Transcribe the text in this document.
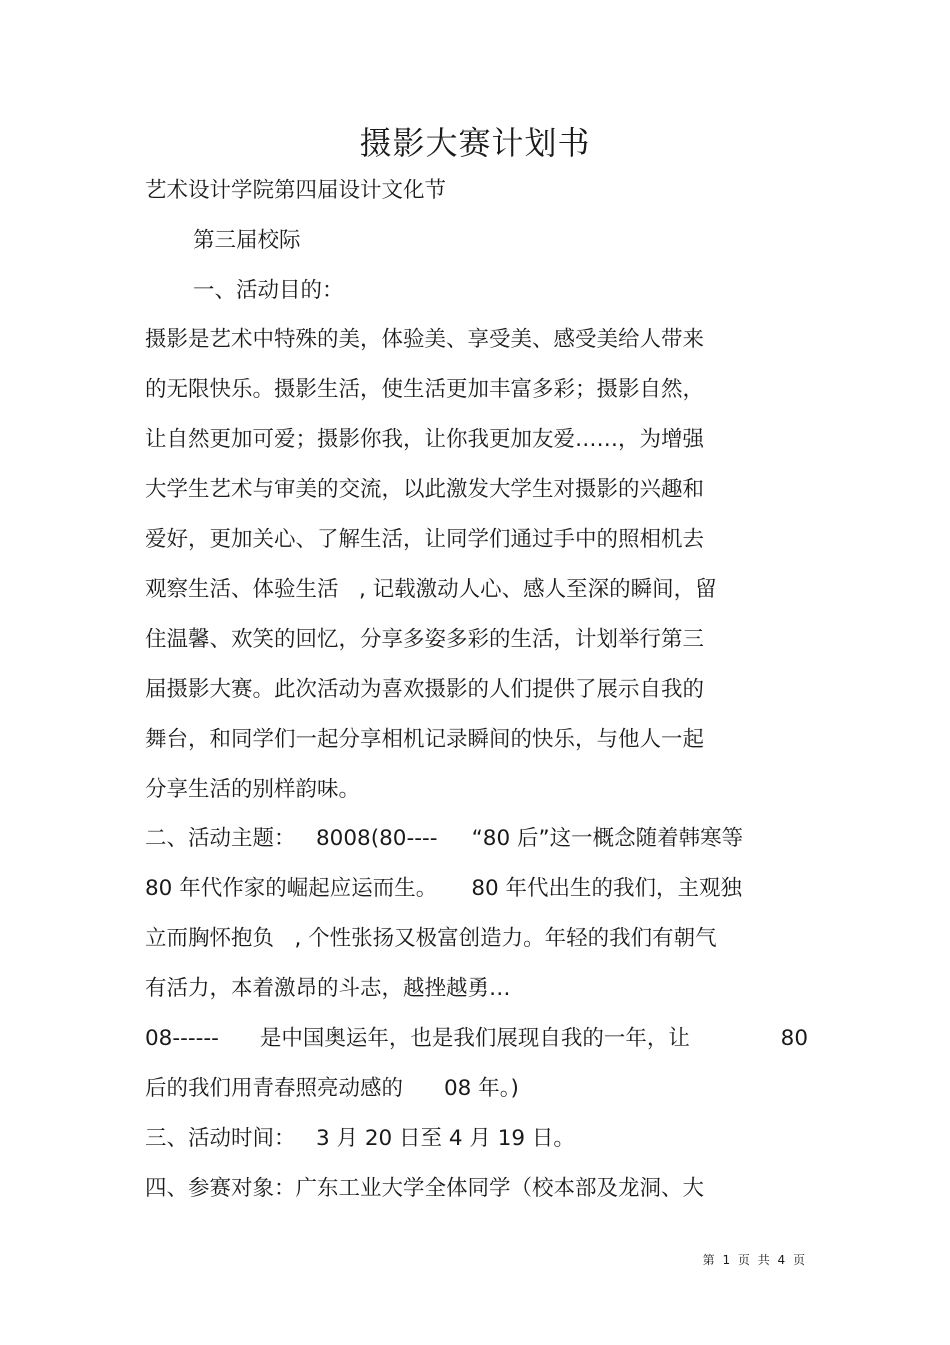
摄影大赛计划书
艺术设计学院第四届设计文化节
第三届校际
一、活动目的：
摄影是艺术中特殊的美，体验美、享受美、感受美给人带来
的无限快乐。摄影生活，使生活更加丰富多彩；摄影自然，
让自然更加可爱；摄影你我，让你我更加友爱……，为增强
大学生艺术与审美的交流，以此激发大学生对摄影的兴趣和
爱好，更加关心、了解生活，让同学们通过手中的照相机去
观察生活、体验生活   , 记载激动人心、感人至深的瞬间，留
住温馨、欢笑的回忆，分享多姿多彩的生活，计划举行第三
届摄影大赛。此次活动为喜欢摄影的人们提供了展示自我的
舞台，和同学们一起分享相机记录瞬间的快乐，与他人一起
分享生活的别样韵味。
二、活动主题：   8008(80----     “80 后”这一概念随着韩寒等
80 年代作家的崛起应运而生。     80 年代出生的我们，主观独
立而胸怀抱负   , 个性张扬又极富创造力。年轻的我们有朝气
有活力，本着激昂的斗志，越挫越勇…
08------      是中国奥运年，也是我们展现自我的一年，让	80
后的我们用青春照亮动感的      08 年。)
三、活动时间：   3 月 20 日至 4 月 19 日。
四、参赛对象：广东工业大学全体同学（校本部及龙洞、大
第 1 页 共 4 页
